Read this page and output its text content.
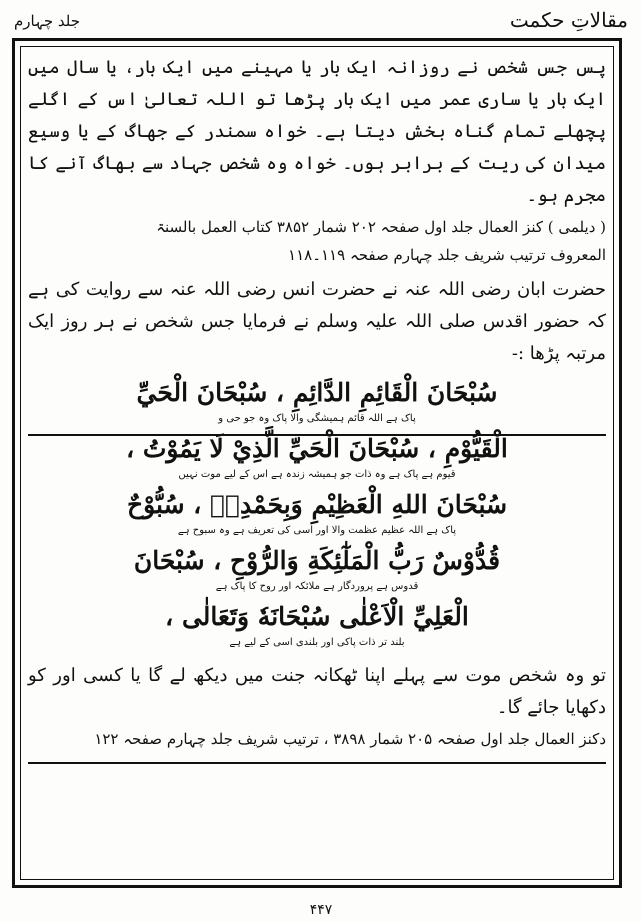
مقالاتِ حکمت
جلد چہارم

پس جس شخص نے روزانہ ایک بار یا مہینے میں ایک بار، یا سال میں ایک بار یا ساری عمر میں ایک بار پڑھا تو اللہ تعالیٰ اس کے اگلے پچھلے تمام گناہ بخش دیتا ہے۔ خواہ سمندر کے جھاگ کے یا وسیع میدان کی ریت کے برابر ہوں۔ خواہ وہ شخص جہاد سے بھاگ آنے کا مجرم ہو۔

( دیلمی ) کنز العمال جلد اول صفحہ ۲۰۲ شمار ۳۸۵۲ کتاب العمل بالسنۃ

المعروف ترتیب شریف جلد چہارم صفحہ ۱۱۹۔۱۱۸

حضرت ابان رضی اللہ عنہ نے حضرت انس رضی اللہ عنہ سے روایت کی ہے کہ حضور اقدس صلی اللہ علیہ وسلم نے فرمایا جس شخص نے ہر روز ایک مرتبہ پڑھا :-

سُبْحَانَ الْقَائِمِ الدَّائِمِ ، سُبْحَانَ الْحَيِّ

پاک ہے اللہ قائم ہمیشگی والا پاک وہ جو حی و

الْقَيُّوْمِ ، سُبْحَانَ الْحَيِّ الَّذِيْ لَا يَمُوْتُ ،

قیوم ہے پاک ہے وہ ذات جو ہمیشہ زندہ ہے اس کے لیے موت نہیں

سُبْحَانَ اللهِ الْعَظِيْمِ وَبِحَمْدِهٖ ، سُبُّوْحٌ

پاک ہے اللہ عظیم عظمت والا اور اسی کی تعریف ہے وہ سبوح ہے

قُدُّوْسٌ رَبُّ الْمَلٰٓئِكَةِ وَالرُّوْحِ ، سُبْحَانَ

قدوس ہے پروردگار ہے ملائکہ اور روح کا پاک ہے

الْعَلِيِّ الْاَعْلٰى سُبْحَانَهٗ وَتَعَالٰى ،

بلند تر ذات پاکی اور بلندی اسی کے لیے ہے

تو وہ شخص موت سے پہلے اپنا ٹھکانہ جنت میں دیکھ لے گا یا کسی اور کو دکھایا جائے گا۔

دکنز العمال جلد اول صفحہ ۲۰۵ شمار ۳۸۹۸ ، ترتیب شریف جلد چہارم صفحہ ۱۲۲

۴۴۷
